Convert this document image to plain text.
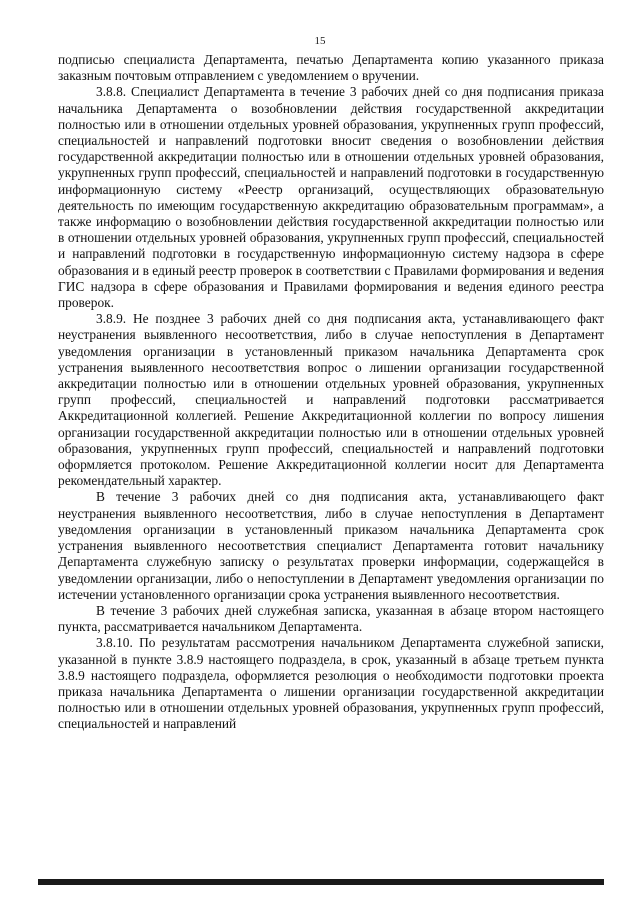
15

подписью специалиста Департамента, печатью Департамента копию указанного приказа заказным почтовым отправлением с уведомлением о вручении.

3.8.8. Специалист Департамента в течение 3 рабочих дней со дня подписания приказа начальника Департамента о возобновлении действия государственной аккредитации полностью или в отношении отдельных уровней образования, укрупненных групп профессий, специальностей и направлений подготовки вносит сведения о возобновлении действия государственной аккредитации полностью или в отношении отдельных уровней образования, укрупненных групп профессий, специальностей и направлений подготовки в государственную информационную систему «Реестр организаций, осуществляющих образовательную деятельность по имеющим государственную аккредитацию образовательным программам», а также информацию о возобновлении действия государственной аккредитации полностью или в отношении отдельных уровней образования, укрупненных групп профессий, специальностей и направлений подготовки в государственную информационную систему надзора в сфере образования и в единый реестр проверок в соответствии с Правилами формирования и ведения ГИС надзора в сфере образования и Правилами формирования и ведения единого реестра проверок.

3.8.9. Не позднее 3 рабочих дней со дня подписания акта, устанавливающего факт неустранения выявленного несоответствия, либо в случае непоступления в Департамент уведомления организации в установленный приказом начальника Департамента срок устранения выявленного несоответствия вопрос о лишении организации государственной аккредитации полностью или в отношении отдельных уровней образования, укрупненных групп профессий, специальностей и направлений подготовки рассматривается Аккредитационной коллегией. Решение Аккредитационной коллегии по вопросу лишения организации государственной аккредитации полностью или в отношении отдельных уровней образования, укрупненных групп профессий, специальностей и направлений подготовки оформляется протоколом. Решение Аккредитационной коллегии носит для Департамента рекомендательный характер.

В течение 3 рабочих дней со дня подписания акта, устанавливающего факт неустранения выявленного несоответствия, либо в случае непоступления в Департамент уведомления организации в установленный приказом начальника Департамента срок устранения выявленного несоответствия специалист Департамента готовит начальнику Департамента служебную записку о результатах проверки информации, содержащейся в уведомлении организации, либо о непоступлении в Департамент уведомления организации по истечении установленного организации срока устранения выявленного несоответствия.

В течение 3 рабочих дней служебная записка, указанная в абзаце втором настоящего пункта, рассматривается начальником Департамента.

3.8.10. По результатам рассмотрения начальником Департамента служебной записки, указанной в пункте 3.8.9 настоящего подраздела, в срок, указанный в абзаце третьем пункта 3.8.9 настоящего подраздела, оформляется резолюция о необходимости подготовки проекта приказа начальника Департамента о лишении организации государственной аккредитации полностью или в отношении отдельных уровней образования, укрупненных групп профессий, специальностей и направлений
